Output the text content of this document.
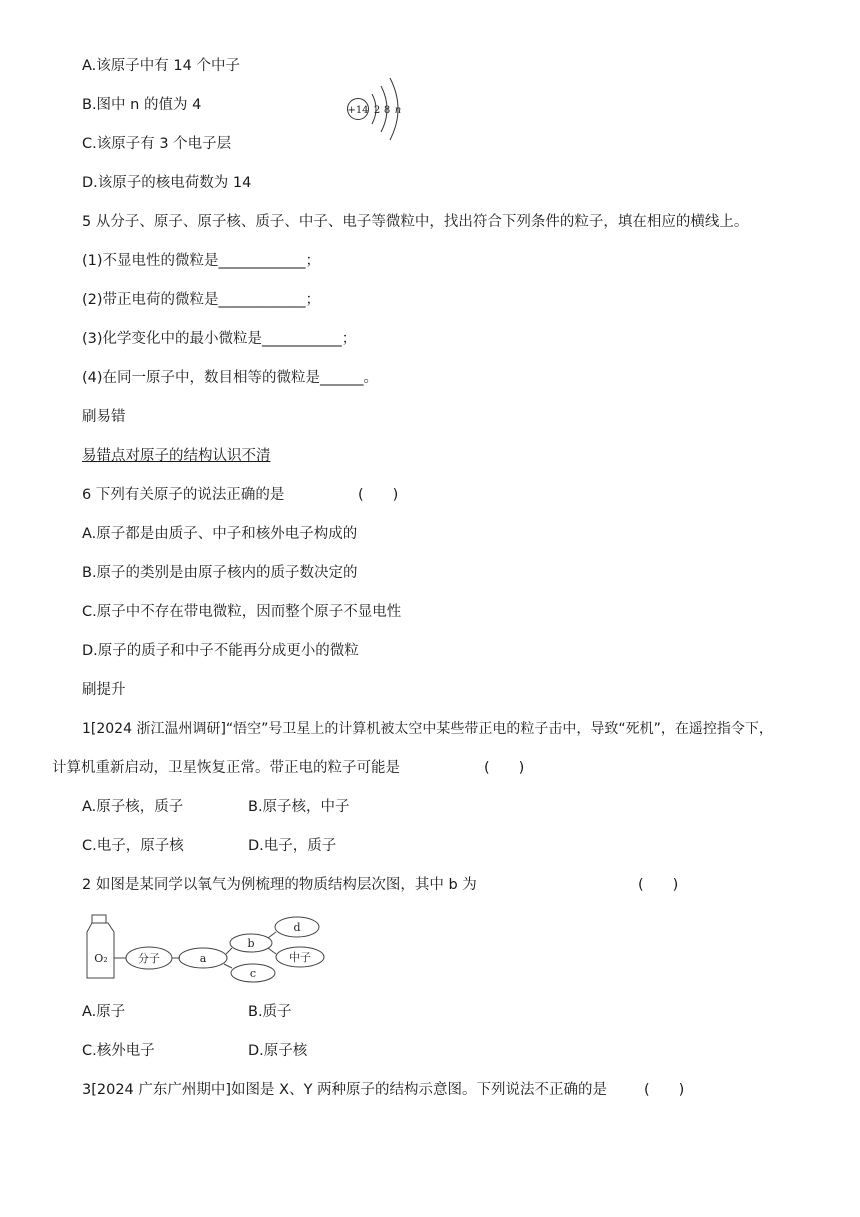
A.该原子中有 14 个中子
B.图中 n 的值为 4
C.该原子有 3 个电子层
D.该原子的核电荷数为 14
+14 2 8 n
5 从分子、原子、原子核、质子、中子、电子等微粒中，找出符合下列条件的粒子，填在相应的横线上。
(1)不显电性的微粒是____________；
(2)带正电荷的微粒是____________；
(3)化学变化中的最小微粒是___________；
(4)在同一原子中，数目相等的微粒是______。
刷易错
易错点对原子的结构认识不清
6 下列有关原子的说法正确的是	(　　)
A.原子都是由质子、中子和核外电子构成的
B.原子的类别是由原子核内的质子数决定的
C.原子中不存在带电微粒，因而整个原子不显电性
D.原子的质子和中子不能再分成更小的微粒
刷提升
1[2024 浙江温州调研]“悟空”号卫星上的计算机被太空中某些带正电的粒子击中，导致“死机”，在遥控指令下，
计算机重新启动，卫星恢复正常。带正电的粒子可能是	(　　)
A.原子核，质子	B.原子核，中子
C.电子，原子核	D.电子，质子
2 如图是某同学以氧气为例梳理的物质结构层次图，其中 b 为	(　　)
O₂	分子	a
b
c
d
中子
A.原子	B.质子
C.核外电子	D.原子核
3[2024 广东广州期中]如图是 X、Y 两种原子的结构示意图。下列说法不正确的是	(　　)
